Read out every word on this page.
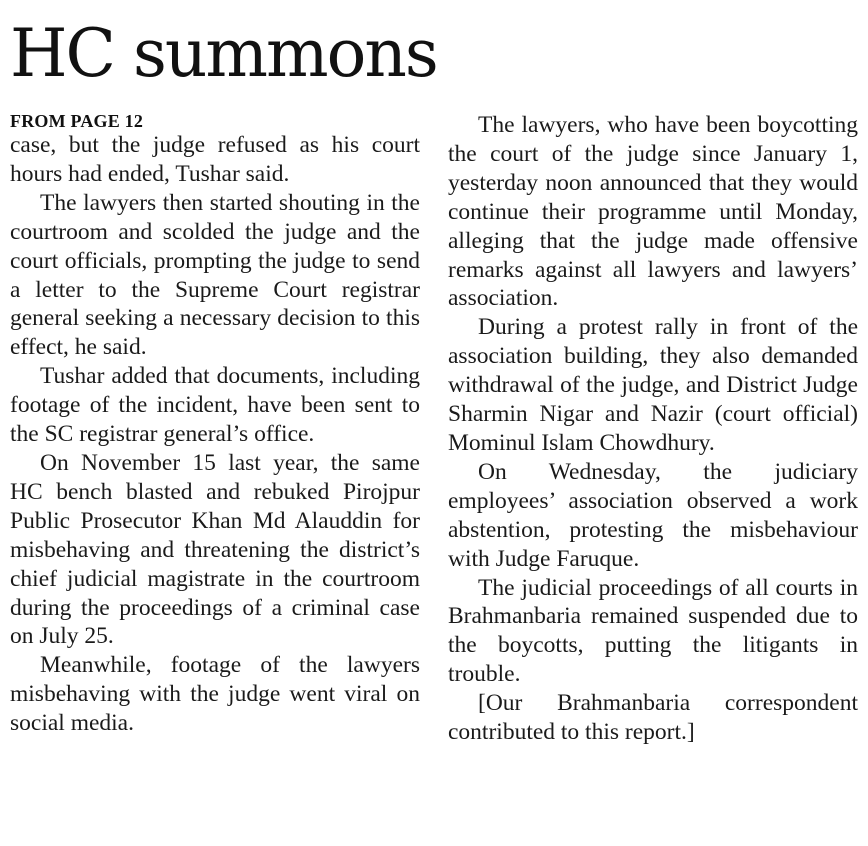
HC summons
FROM PAGE 12

case, but the judge refused as his court hours had ended, Tushar said.

The lawyers then started shouting in the courtroom and scolded the judge and the court officials, prompting the judge to send a letter to the Supreme Court registrar general seeking a necessary decision to this effect, he said.

Tushar added that documents, including footage of the incident, have been sent to the SC registrar general’s office.

On November 15 last year, the same HC bench blasted and rebuked Pirojpur Public Prosecutor Khan Md Alauddin for misbehaving and threatening the district’s chief judicial magistrate in the courtroom during the proceedings of a criminal case on July 25.

Meanwhile, footage of the lawyers misbehaving with the judge went viral on social media.

The lawyers, who have been boycotting the court of the judge since January 1, yesterday noon announced that they would continue their programme until Monday, alleging that the judge made offensive remarks against all lawyers and lawyers’ association.

During a protest rally in front of the association building, they also demanded withdrawal of the judge, and District Judge Sharmin Nigar and Nazir (court official) Mominul Islam Chowdhury.

On Wednesday, the judiciary employees’ association observed a work abstention, protesting the misbehaviour with Judge Faruque.

The judicial proceedings of all courts in Brahmanbaria remained suspended due to the boycotts, putting the litigants in trouble.

[Our Brahmanbaria correspondent contributed to this report.]
